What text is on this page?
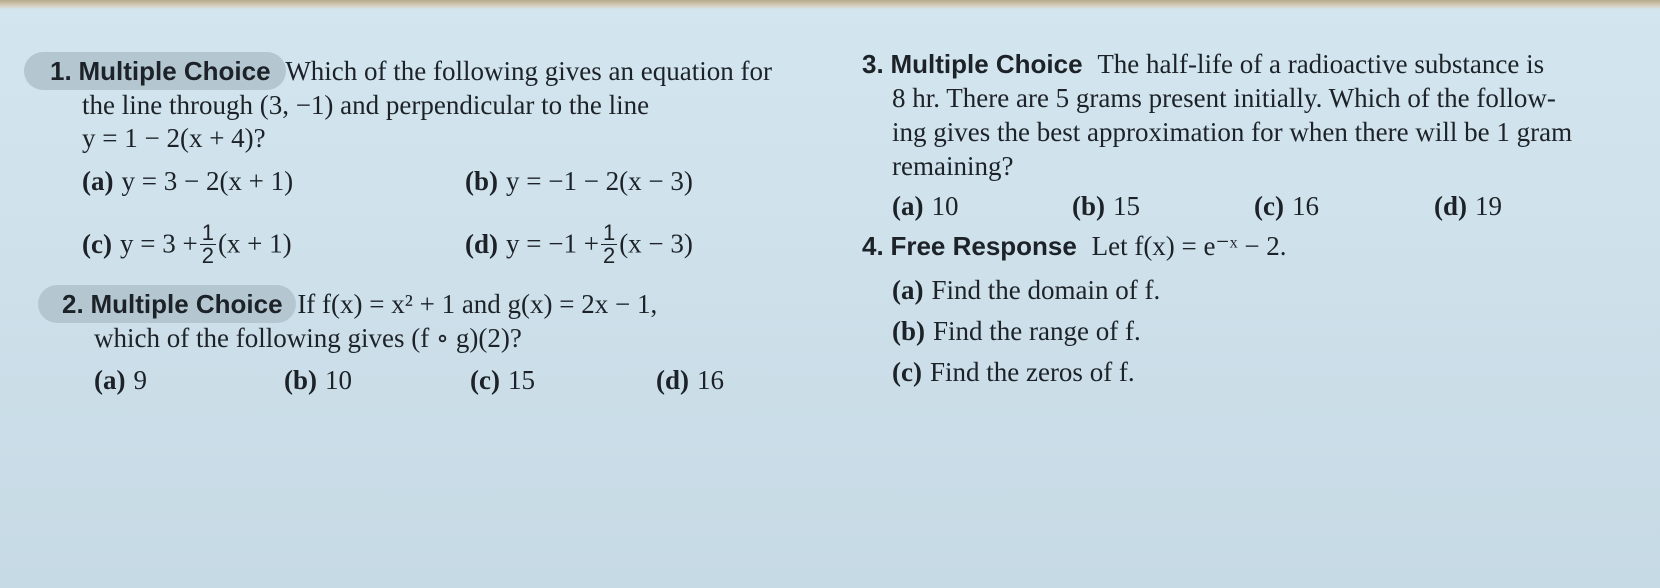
1. Multiple Choice Which of the following gives an equation for
the line through (3, −1) and perpendicular to the line
y = 1 − 2(x + 4)?
(a) y = 3 − 2(x + 1)	(b) y = −1 − 2(x − 3)
(c) $y = 3 + \frac{1}{2} (x + 1)$	(d) $y = -1 + \frac{1}{2} (x - 3)$
2. Multiple Choice If f(x) = x² + 1 and g(x) = 2x − 1,
which of the following gives (f ∘ g)(2)?
(a) 9	(b) 10	(c) 15	(d) 16
3. Multiple Choice The half-life of a radioactive substance is
8 hr. There are 5 grams present initially. Which of the follow-
ing gives the best approximation for when there will be 1 gram
remaining?
(a) 10	(b) 15	(c) 16	(d) 19
4. Free Response Let f(x) = e⁻ˣ − 2.
(a) Find the domain of f.
(b) Find the range of f.
(c) Find the zeros of f.
